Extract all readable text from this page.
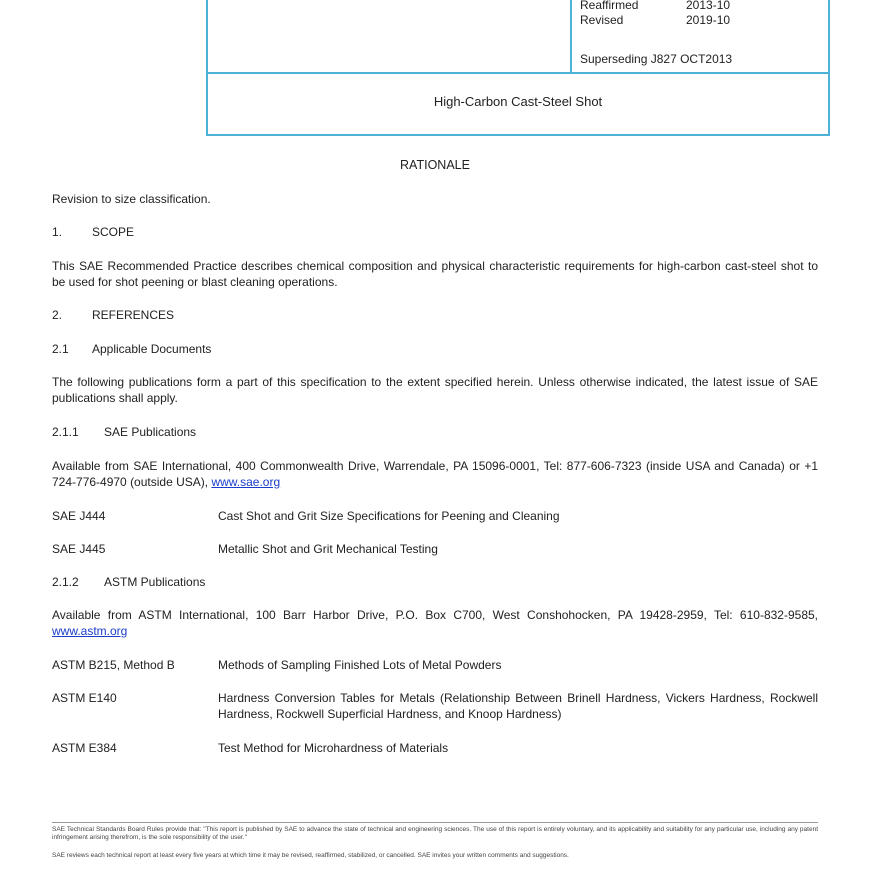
Reaffirmed	2013-10
Revised	2019-10
Superseding J827 OCT2013
High-Carbon Cast-Steel Shot
RATIONALE
Revision to size classification.
1. SCOPE
This SAE Recommended Practice describes chemical composition and physical characteristic requirements for high-carbon cast-steel shot to be used for shot peening or blast cleaning operations.
2. REFERENCES
2.1 Applicable Documents
The following publications form a part of this specification to the extent specified herein. Unless otherwise indicated, the latest issue of SAE publications shall apply.
2.1.1 SAE Publications
Available from SAE International, 400 Commonwealth Drive, Warrendale, PA 15096-0001, Tel: 877-606-7323 (inside USA and Canada) or +1 724-776-4970 (outside USA), www.sae.org
SAE J444	Cast Shot and Grit Size Specifications for Peening and Cleaning
SAE J445	Metallic Shot and Grit Mechanical Testing
2.1.2 ASTM Publications
Available from ASTM International, 100 Barr Harbor Drive, P.O. Box C700, West Conshohocken, PA 19428-2959, Tel: 610-832-9585, www.astm.org
ASTM B215, Method B	Methods of Sampling Finished Lots of Metal Powders
ASTM E140	Hardness Conversion Tables for Metals (Relationship Between Brinell Hardness, Vickers Hardness, Rockwell Hardness, Rockwell Superficial Hardness, and Knoop Hardness)
ASTM E384	Test Method for Microhardness of Materials
SAE Technical Standards Board Rules provide that: "This report is published by SAE to advance the state of technical and engineering sciences. The use of this report is entirely voluntary, and its applicability and suitability for any particular use, including any patent infringement arising therefrom, is the sole responsibility of the user."
SAE reviews each technical report at least every five years at which time it may be revised, reaffirmed, stabilized, or cancelled. SAE invites your written comments and suggestions.
